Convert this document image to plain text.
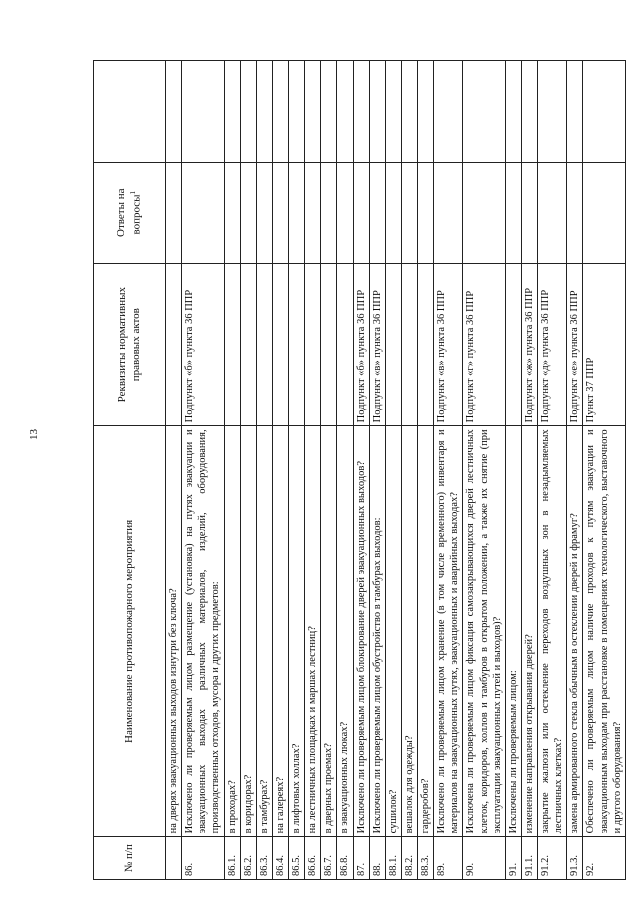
13
№ п/п	Наименование противопожарного мероприятия	Реквизиты нормативных правовых актов	Ответы на вопросы$^1$	
	на дверях эвакуационных выходов изнутри без ключа?			
86.	Исключено ли проверяемым лицом размещение (установка) на путях эвакуации и эвакуационных выходах различных материалов, изделий, оборудования, производственных отходов, мусора и других предметов:	Подпункт «б» пункта 36 ППР		
86.1.	в проходах?			
86.2.	в коридорах?			
86.3.	в тамбурах?			
86.4.	на галереях?			
86.5.	в лифтовых холлах?			
86.6.	на лестничных площадках и маршах лестниц?			
86.7.	в дверных проемах?			
86.8.	в эвакуационных люках?			
87.	Исключено ли проверяемым лицом блокирование дверей эвакуационных выходов?	Подпункт «б» пункта 36 ППР		
88.	Исключено ли проверяемым лицом обустройство в тамбурах выходов:	Подпункт «в» пункта 36 ППР		
88.1.	сушилок?			
88.2.	вешалок для одежды?			
88.3.	гардеробов?			
89.	Исключено ли проверяемым лицом хранение (в том числе временного) инвентаря и материалов на эвакуационных путях, эвакуационных и аварийных выходах?	Подпункт «в» пункта 36 ППР		
90.	Исключена ли проверяемым лицом фиксация самозакрывающихся дверей лестничных клеток, коридоров, холлов и тамбуров в открытом положении, а также их снятие (при эксплуатации эвакуационных путей и выходов)?	Подпункт «г» пункта 36 ППР		
91.	Исключены ли проверяемым лицом:			
91.1.	изменение направления открывания дверей?	Подпункт «ж» пункта 36 ППР		
91.2.	закрытие жалюзи или остекление переходов воздушных зон в незадымляемых лестничных клетках?	Подпункт «д» пункта 36 ППР		
91.3.	замена армированного стекла обычным в остеклении дверей и фрамуг?	Подпункт «е» пункта 36 ППР		
92.	Обеспечено ли проверяемым лицом наличие проходов к путям эвакуации и эвакуационным выходам при расстановке в помещениях технологического, выставочного и другого оборудования?	Пункт 37 ППР		
